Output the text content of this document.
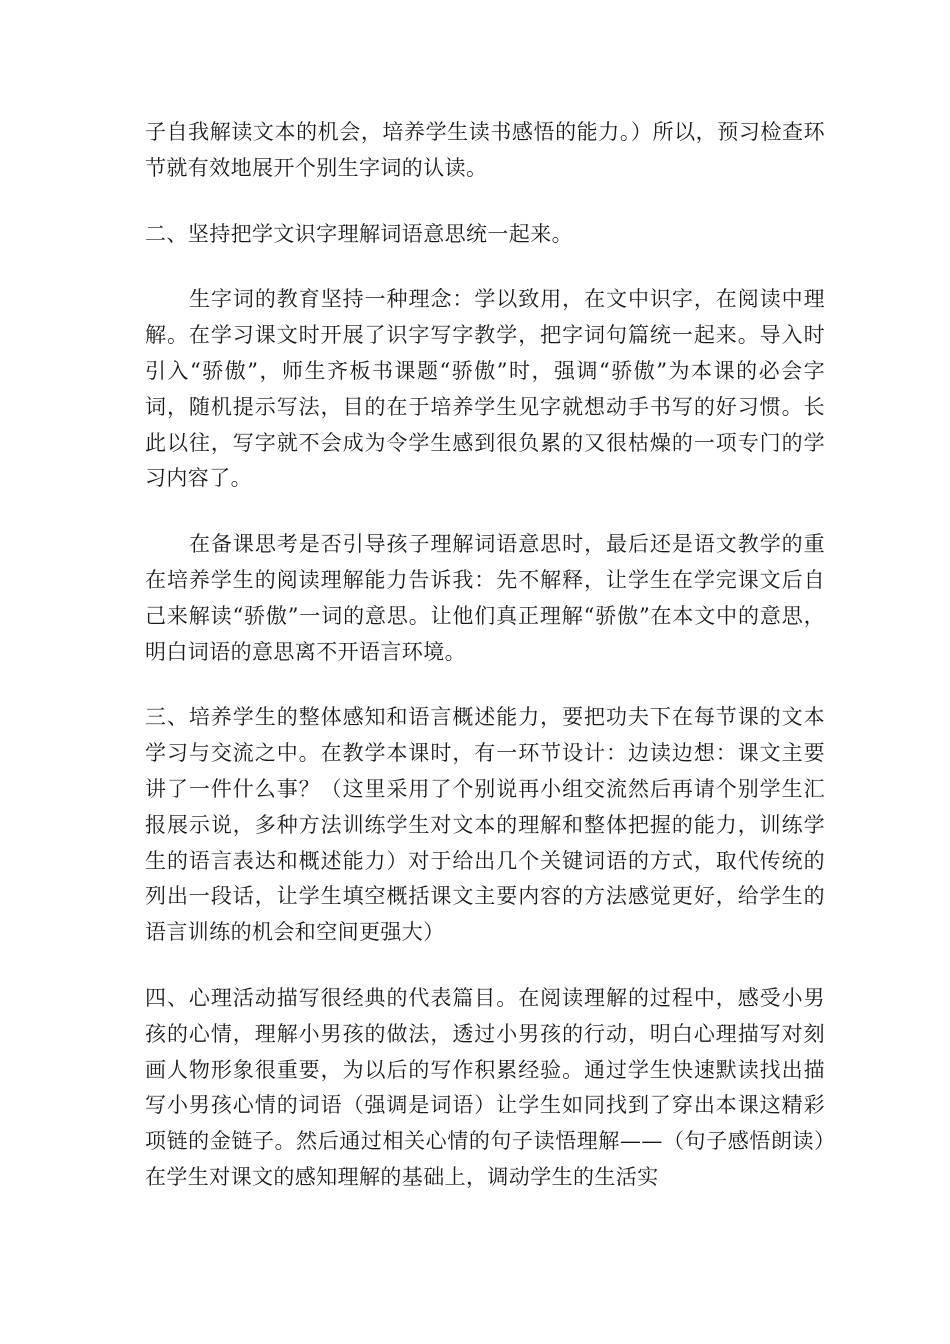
子自我解读文本的机会，培养学生读书感悟的能力。）所以，预习检查环节就有效地展开个别生字词的认读。

二、坚持把学文识字理解词语意思统一起来。

生字词的教育坚持一种理念：学以致用，在文中识字，在阅读中理解。在学习课文时开展了识字写字教学，把字词句篇统一起来。导入时引入“骄傲”，师生齐板书课题“骄傲”时，强调“骄傲”为本课的必会字词，随机提示写法，目的在于培养学生见字就想动手书写的好习惯。长此以往，写字就不会成为令学生感到很负累的又很枯燥的一项专门的学习内容了。

在备课思考是否引导孩子理解词语意思时，最后还是语文教学的重在培养学生的阅读理解能力告诉我：先不解释，让学生在学完课文后自己来解读“骄傲”一词的意思。让他们真正理解“骄傲”在本文中的意思，明白词语的意思离不开语言环境。

三、培养学生的整体感知和语言概述能力，要把功夫下在每节课的文本学习与交流之中。在教学本课时，有一环节设计：边读边想：课文主要讲了一件什么事？（这里采用了个别说再小组交流然后再请个别学生汇报展示说，多种方法训练学生对文本的理解和整体把握的能力，训练学生的语言表达和概述能力）对于给出几个关键词语的方式，取代传统的列出一段话，让学生填空概括课文主要内容的方法感觉更好，给学生的语言训练的机会和空间更强大）

四、心理活动描写很经典的代表篇目。在阅读理解的过程中，感受小男孩的心情，理解小男孩的做法，透过小男孩的行动，明白心理描写对刻画人物形象很重要，为以后的写作积累经验。通过学生快速默读找出描写小男孩心情的词语（强调是词语）让学生如同找到了穿出本课这精彩项链的金链子。然后通过相关心情的句子读悟理解——（句子感悟朗读）在学生对课文的感知理解的基础上，调动学生的生活实
